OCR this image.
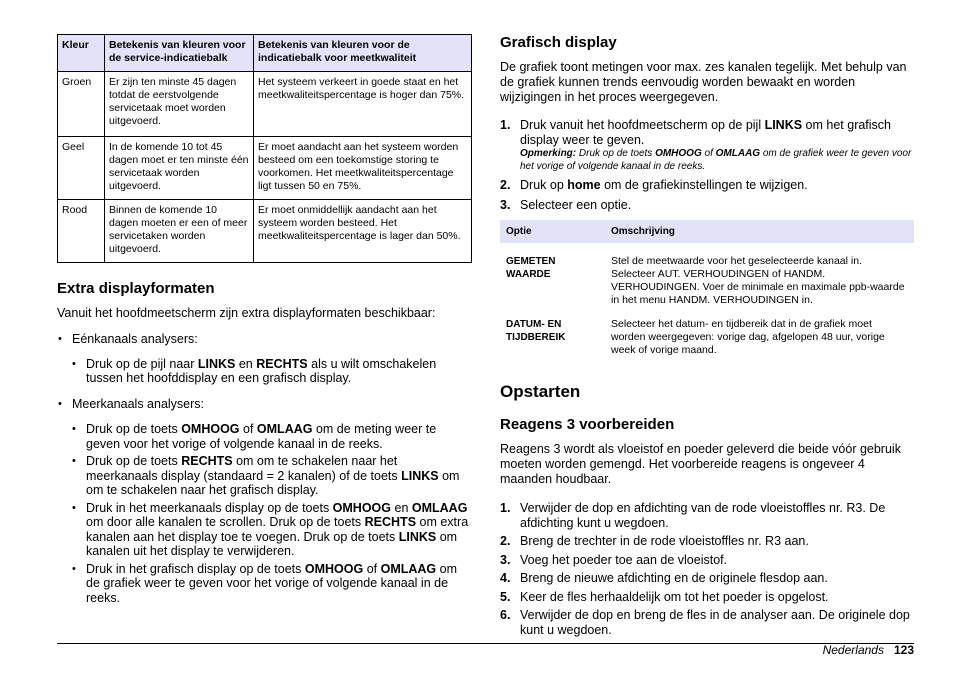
Kleur	Betekenis van kleuren voor de service-indicatiebalk	Betekenis van kleuren voor de indicatiebalk voor meetkwaliteit
Groen	Er zijn ten minste 45 dagen totdat de eerstvolgende servicetaak moet worden uitgevoerd.	Het systeem verkeert in goede staat en het meetkwaliteitspercentage is hoger dan 75%.
Geel	In de komende 10 tot 45 dagen moet er ten minste één servicetaak worden uitgevoerd.	Er moet aandacht aan het systeem worden besteed om een toekomstige storing te voorkomen. Het meetkwaliteitspercentage ligt tussen 50 en 75%.
Rood	Binnen de komende 10 dagen moeten er een of meer servicetaken worden uitgevoerd.	Er moet onmiddellijk aandacht aan het systeem worden besteed. Het meetkwaliteitspercentage is lager dan 50%.
Extra displayformaten

Vanuit het hoofdmeetscherm zijn extra displayformaten beschikbaar:

• Eénkanaals analysers:
• Druk op de pijl naar LINKS en RECHTS als u wilt omschakelen tussen het hoofddisplay en een grafisch display.
• Meerkanaals analysers:
• Druk op de toets OMHOOG of OMLAAG om de meting weer te geven voor het vorige of volgende kanaal in de reeks.
• Druk op de toets RECHTS om om te schakelen naar het meerkanaals display (standaard = 2 kanalen) of de toets LINKS om om te schakelen naar het grafisch display.
• Druk in het meerkanaals display op de toets OMHOOG en OMLAAG om door alle kanalen te scrollen. Druk op de toets RECHTS om extra kanalen aan het display toe te voegen. Druk op de toets LINKS om kanalen uit het display te verwijderen.
• Druk in het grafisch display op de toets OMHOOG of OMLAAG om de grafiek weer te geven voor het vorige of volgende kanaal in de reeks.
Grafisch display

De grafiek toont metingen voor max. zes kanalen tegelijk. Met behulp van de grafiek kunnen trends eenvoudig worden bewaakt en worden wijzigingen in het proces weergegeven.

1. Druk vanuit het hoofdmeetscherm op de pijl LINKS om het grafisch display weer te geven.
Opmerking: Druk op de toets OMHOOG of OMLAAG om de grafiek weer te geven voor het vorige of volgende kanaal in de reeks.
2. Druk op home om de grafiekinstellingen te wijzigen.
3. Selecteer een optie.
Optie	Omschrijving
GEMETEN WAARDE	Stel de meetwaarde voor het geselecteerde kanaal in. Selecteer AUT. VERHOUDINGEN of HANDM. VERHOUDINGEN. Voer de minimale en maximale ppb-waarde in het menu HANDM. VERHOUDINGEN in.
DATUM- EN TIJDBEREIK	Selecteer het datum- en tijdbereik dat in de grafiek moet worden weergegeven: vorige dag, afgelopen 48 uur, vorige week of vorige maand.
Opstarten
Reagens 3 voorbereiden

Reagens 3 wordt als vloeistof en poeder geleverd die beide vóór gebruik moeten worden gemengd. Het voorbereide reagens is ongeveer 4 maanden houdbaar.

1. Verwijder de dop en afdichting van de rode vloeistoffles nr. R3. De afdichting kunt u wegdoen.
2. Breng de trechter in de rode vloeistoffles nr. R3 aan.
3. Voeg het poeder toe aan de vloeistof.
4. Breng de nieuwe afdichting en de originele flesdop aan.
5. Keer de fles herhaaldelijk om tot het poeder is opgelost.
6. Verwijder de dop en breng de fles in de analyser aan. De originele dop kunt u wegdoen.
Nederlands 123
